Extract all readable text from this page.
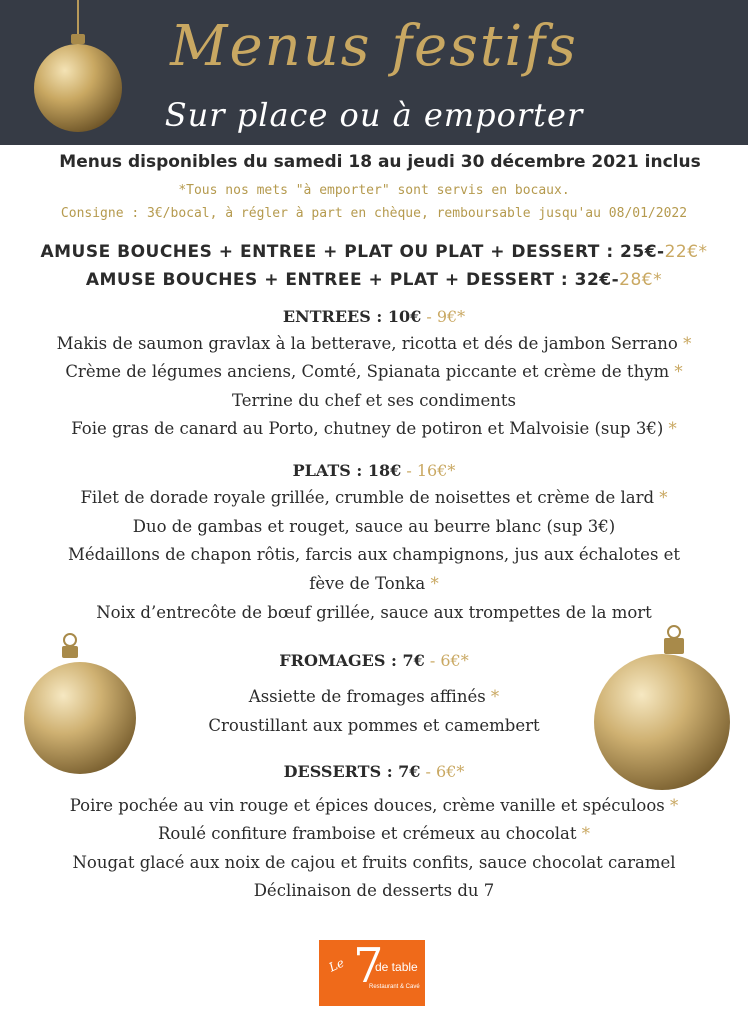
Menus festifs
Sur place ou à emporter
Menus disponibles du samedi 18 au jeudi 30 décembre 2021 inclus
*Tous nos mets "à emporter" sont servis en bocaux.
Consigne : 3€/bocal, à régler à part en chèque, remboursable jusqu'au 08/01/2022
AMUSE BOUCHES + ENTREE + PLAT OU PLAT + DESSERT : 25€-22€*
AMUSE BOUCHES + ENTREE + PLAT + DESSERT : 32€-28€*
ENTREES : 10€ - 9€*
Makis de saumon gravlax à la betterave, ricotta et dés de jambon Serrano *
Crème de légumes anciens, Comté, Spianata piccante et crème de thym *
Terrine du chef et ses condiments
Foie gras de canard au Porto, chutney de potiron et Malvoisie (sup 3€) *
PLATS : 18€ - 16€*
Filet de dorade royale grillée, crumble de noisettes et crème de lard *
Duo de gambas et rouget, sauce au beurre blanc (sup 3€)
Médaillons de chapon rôtis, farcis aux champignons, jus aux échalotes et
fève de Tonka *
Noix d’entrecôte de bœuf grillée, sauce aux trompettes de la mort
FROMAGES : 7€ - 6€*
Assiette de fromages affinés *
Croustillant aux pommes et camembert
DESSERTS : 7€ - 6€*
Poire pochée au vin rouge et épices douces, crème vanille et spéculoos *
Roulé confiture framboise et crémeux au chocolat *
Nougat glacé aux noix de cajou et fruits confits, sauce chocolat caramel
Déclinaison de desserts du 7
Le 7
de table
Restaurant & Cavé
